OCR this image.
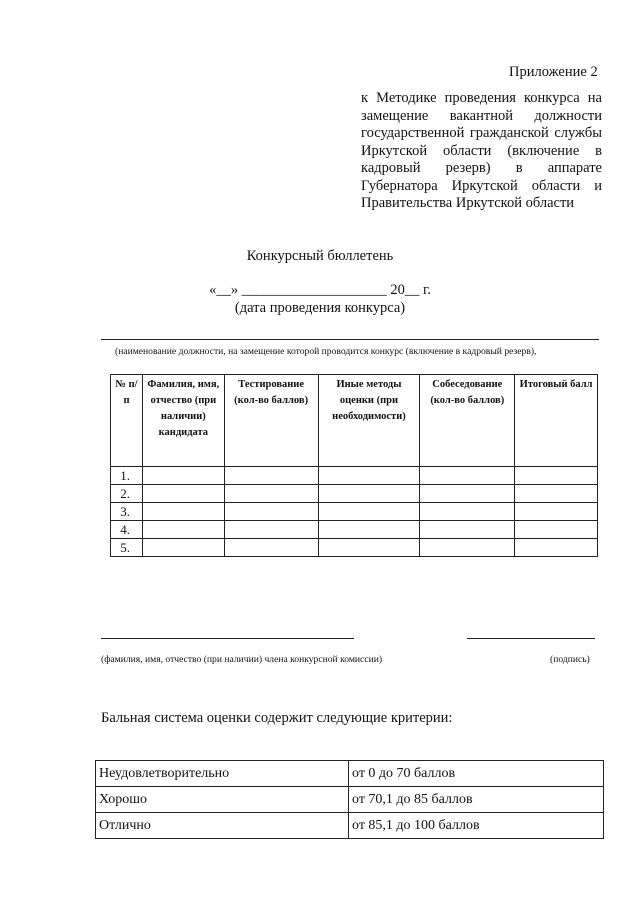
Приложение 2
к Методике проведения конкурса на замещение вакантной должности государственной гражданской службы Иркутской области (включение в кадровый резерв) в аппарате Губернатора Иркутской области и Правительства Иркутской области
Конкурсный бюллетень
«__» ____________________ 20__ г.
(дата проведения конкурса)
(наименование должности, на замещение которой проводится конкурс (включение в кадровый резерв),
№ п/п	Фамилия, имя, отчество (при наличии) кандидата	Тестирование (кол-во баллов)	Иные методы оценки (при необходимости)	Собеседование (кол-во баллов)	Итоговый балл
1.					
2.					
3.					
4.					
5.					
(фамилия, имя, отчество (при наличии) члена конкурсной комиссии)	(подпись)
Бальная система оценки содержит следующие критерии:
Неудовлетворительно	от 0 до 70 баллов
Хорошо	от 70,1 до 85 баллов
Отлично	от 85,1 до 100 баллов
